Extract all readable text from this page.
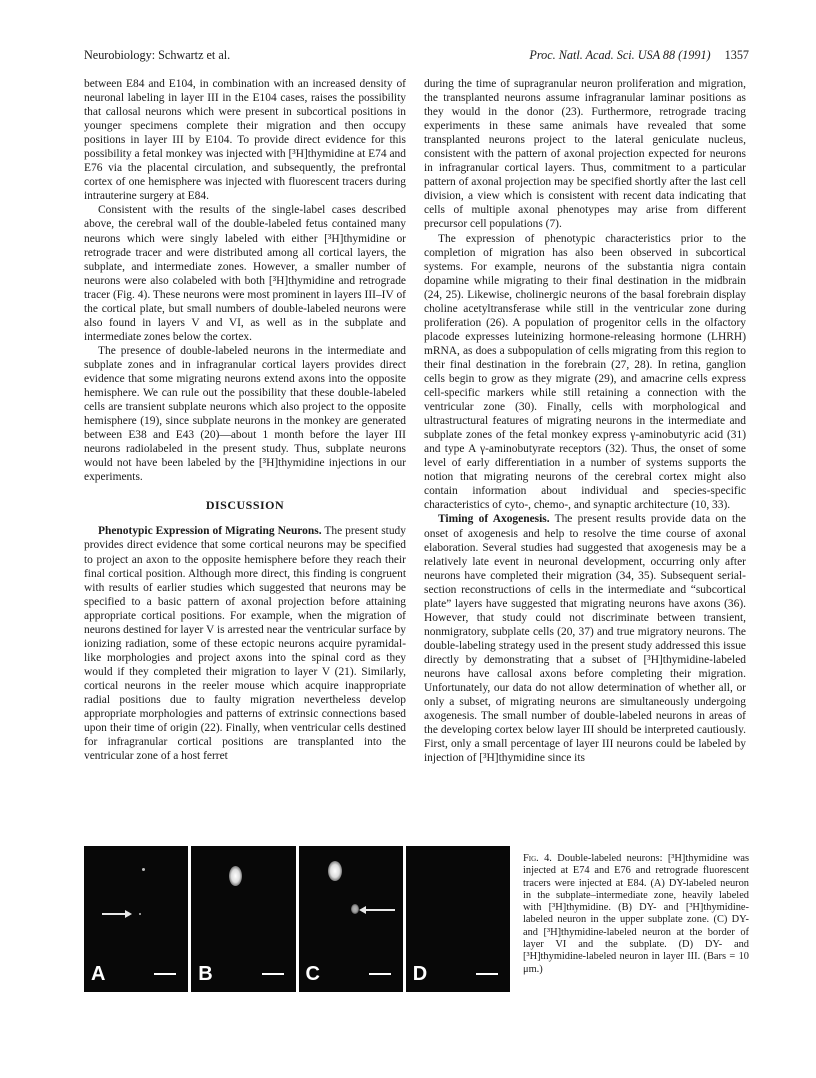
Neurobiology: Schwartz et al.	Proc. Natl. Acad. Sci. USA 88 (1991) 1357

between E84 and E104, in combination with an increased density of neuronal labeling in layer III in the E104 cases, raises the possibility that callosal neurons which were present in subcortical positions in younger specimens complete their migration and then occupy positions in layer III by E104. To provide direct evidence for this possibility a fetal monkey was injected with [³H]thymidine at E74 and E76 via the placental circulation, and subsequently, the prefrontal cortex of one hemisphere was injected with fluorescent tracers during intrauterine surgery at E84.

Consistent with the results of the single-label cases described above, the cerebral wall of the double-labeled fetus contained many neurons which were singly labeled with either [³H]thymidine or retrograde tracer and were distributed among all cortical layers, the subplate, and intermediate zones. However, a smaller number of neurons were also colabeled with both [³H]thymidine and retrograde tracer (Fig. 4). These neurons were most prominent in layers III–IV of the cortical plate, but small numbers of double-labeled neurons were also found in layers V and VI, as well as in the subplate and intermediate zones below the cortex.

The presence of double-labeled neurons in the intermediate and subplate zones and in infragranular cortical layers provides direct evidence that some migrating neurons extend axons into the opposite hemisphere. We can rule out the possibility that these double-labeled cells are transient subplate neurons which also project to the opposite hemisphere (19), since subplate neurons in the monkey are generated between E38 and E43 (20)—about 1 month before the layer III neurons radiolabeled in the present study. Thus, subplate neurons would not have been labeled by the [³H]thymidine injections in our experiments.

DISCUSSION

Phenotypic Expression of Migrating Neurons. The present study provides direct evidence that some cortical neurons may be specified to project an axon to the opposite hemisphere before they reach their final cortical position. Although more direct, this finding is congruent with results of earlier studies which suggested that neurons may be specified to a basic pattern of axonal projection before attaining appropriate cortical positions. For example, when the migration of neurons destined for layer V is arrested near the ventricular surface by ionizing radiation, some of these ectopic neurons acquire pyramidal-like morphologies and project axons into the spinal cord as they would if they completed their migration to layer V (21). Similarly, cortical neurons in the reeler mouse which acquire inappropriate radial positions due to faulty migration nevertheless develop appropriate morphologies and patterns of extrinsic connections based upon their time of origin (22). Finally, when ventricular cells destined for infragranular cortical positions are transplanted into the ventricular zone of a host ferret

during the time of supragranular neuron proliferation and migration, the transplanted neurons assume infragranular laminar positions as they would in the donor (23). Furthermore, retrograde tracing experiments in these same animals have revealed that some transplanted neurons project to the lateral geniculate nucleus, consistent with the pattern of axonal projection expected for neurons in infragranular cortical layers. Thus, commitment to a particular pattern of axonal projection may be specified shortly after the last cell division, a view which is consistent with recent data indicating that cells of multiple axonal phenotypes may arise from different precursor cell populations (7).

The expression of phenotypic characteristics prior to the completion of migration has also been observed in subcortical systems. For example, neurons of the substantia nigra contain dopamine while migrating to their final destination in the midbrain (24, 25). Likewise, cholinergic neurons of the basal forebrain display choline acetyltransferase while still in the ventricular zone during proliferation (26). A population of progenitor cells in the olfactory placode expresses luteinizing hormone-releasing hormone (LHRH) mRNA, as does a subpopulation of cells migrating from this region to their final destination in the forebrain (27, 28). In retina, ganglion cells begin to grow as they migrate (29), and amacrine cells express cell-specific markers while still retaining a connection with the ventricular zone (30). Finally, cells with morphological and ultrastructural features of migrating neurons in the intermediate and subplate zones of the fetal monkey express γ-aminobutyric acid (31) and type A γ-aminobutyrate receptors (32). Thus, the onset of some level of early differentiation in a number of systems supports the notion that migrating neurons of the cerebral cortex might also contain information about individual and species-specific characteristics of cyto-, chemo-, and synaptic architecture (10, 33).

Timing of Axogenesis. The present results provide data on the onset of axogenesis and help to resolve the time course of axonal elaboration. Several studies had suggested that axogenesis may be a relatively late event in neuronal development, occurring only after neurons have completed their migration (34, 35). Subsequent serial-section reconstructions of cells in the intermediate and “subcortical plate” layers have suggested that migrating neurons have axons (36). However, that study could not discriminate between transient, nonmigratory, subplate cells (20, 37) and true migratory neurons. The double-labeling strategy used in the present study addressed this issue directly by demonstrating that a subset of [³H]thymidine-labeled neurons have callosal axons before completing their migration. Unfortunately, our data do not allow determination of whether all, or only a subset, of migrating neurons are simultaneously undergoing axogenesis. The small number of double-labeled neurons in areas of the developing cortex below layer III should be interpreted cautiously. First, only a small percentage of layer III neurons could be labeled by injection of [³H]thymidine since its

A	B	C	D
Fig. 4. Double-labeled neurons: [³H]thymidine was injected at E74 and E76 and retrograde fluorescent tracers were injected at E84. (A) DY-labeled neuron in the subplate–intermediate zone, heavily labeled with [³H]thymidine. (B) DY- and [³H]thymidine-labeled neuron in the upper subplate zone. (C) DY- and [³H]thymidine-labeled neuron at the border of layer VI and the subplate. (D) DY- and [³H]thymidine-labeled neuron in layer III. (Bars = 10 μm.)
